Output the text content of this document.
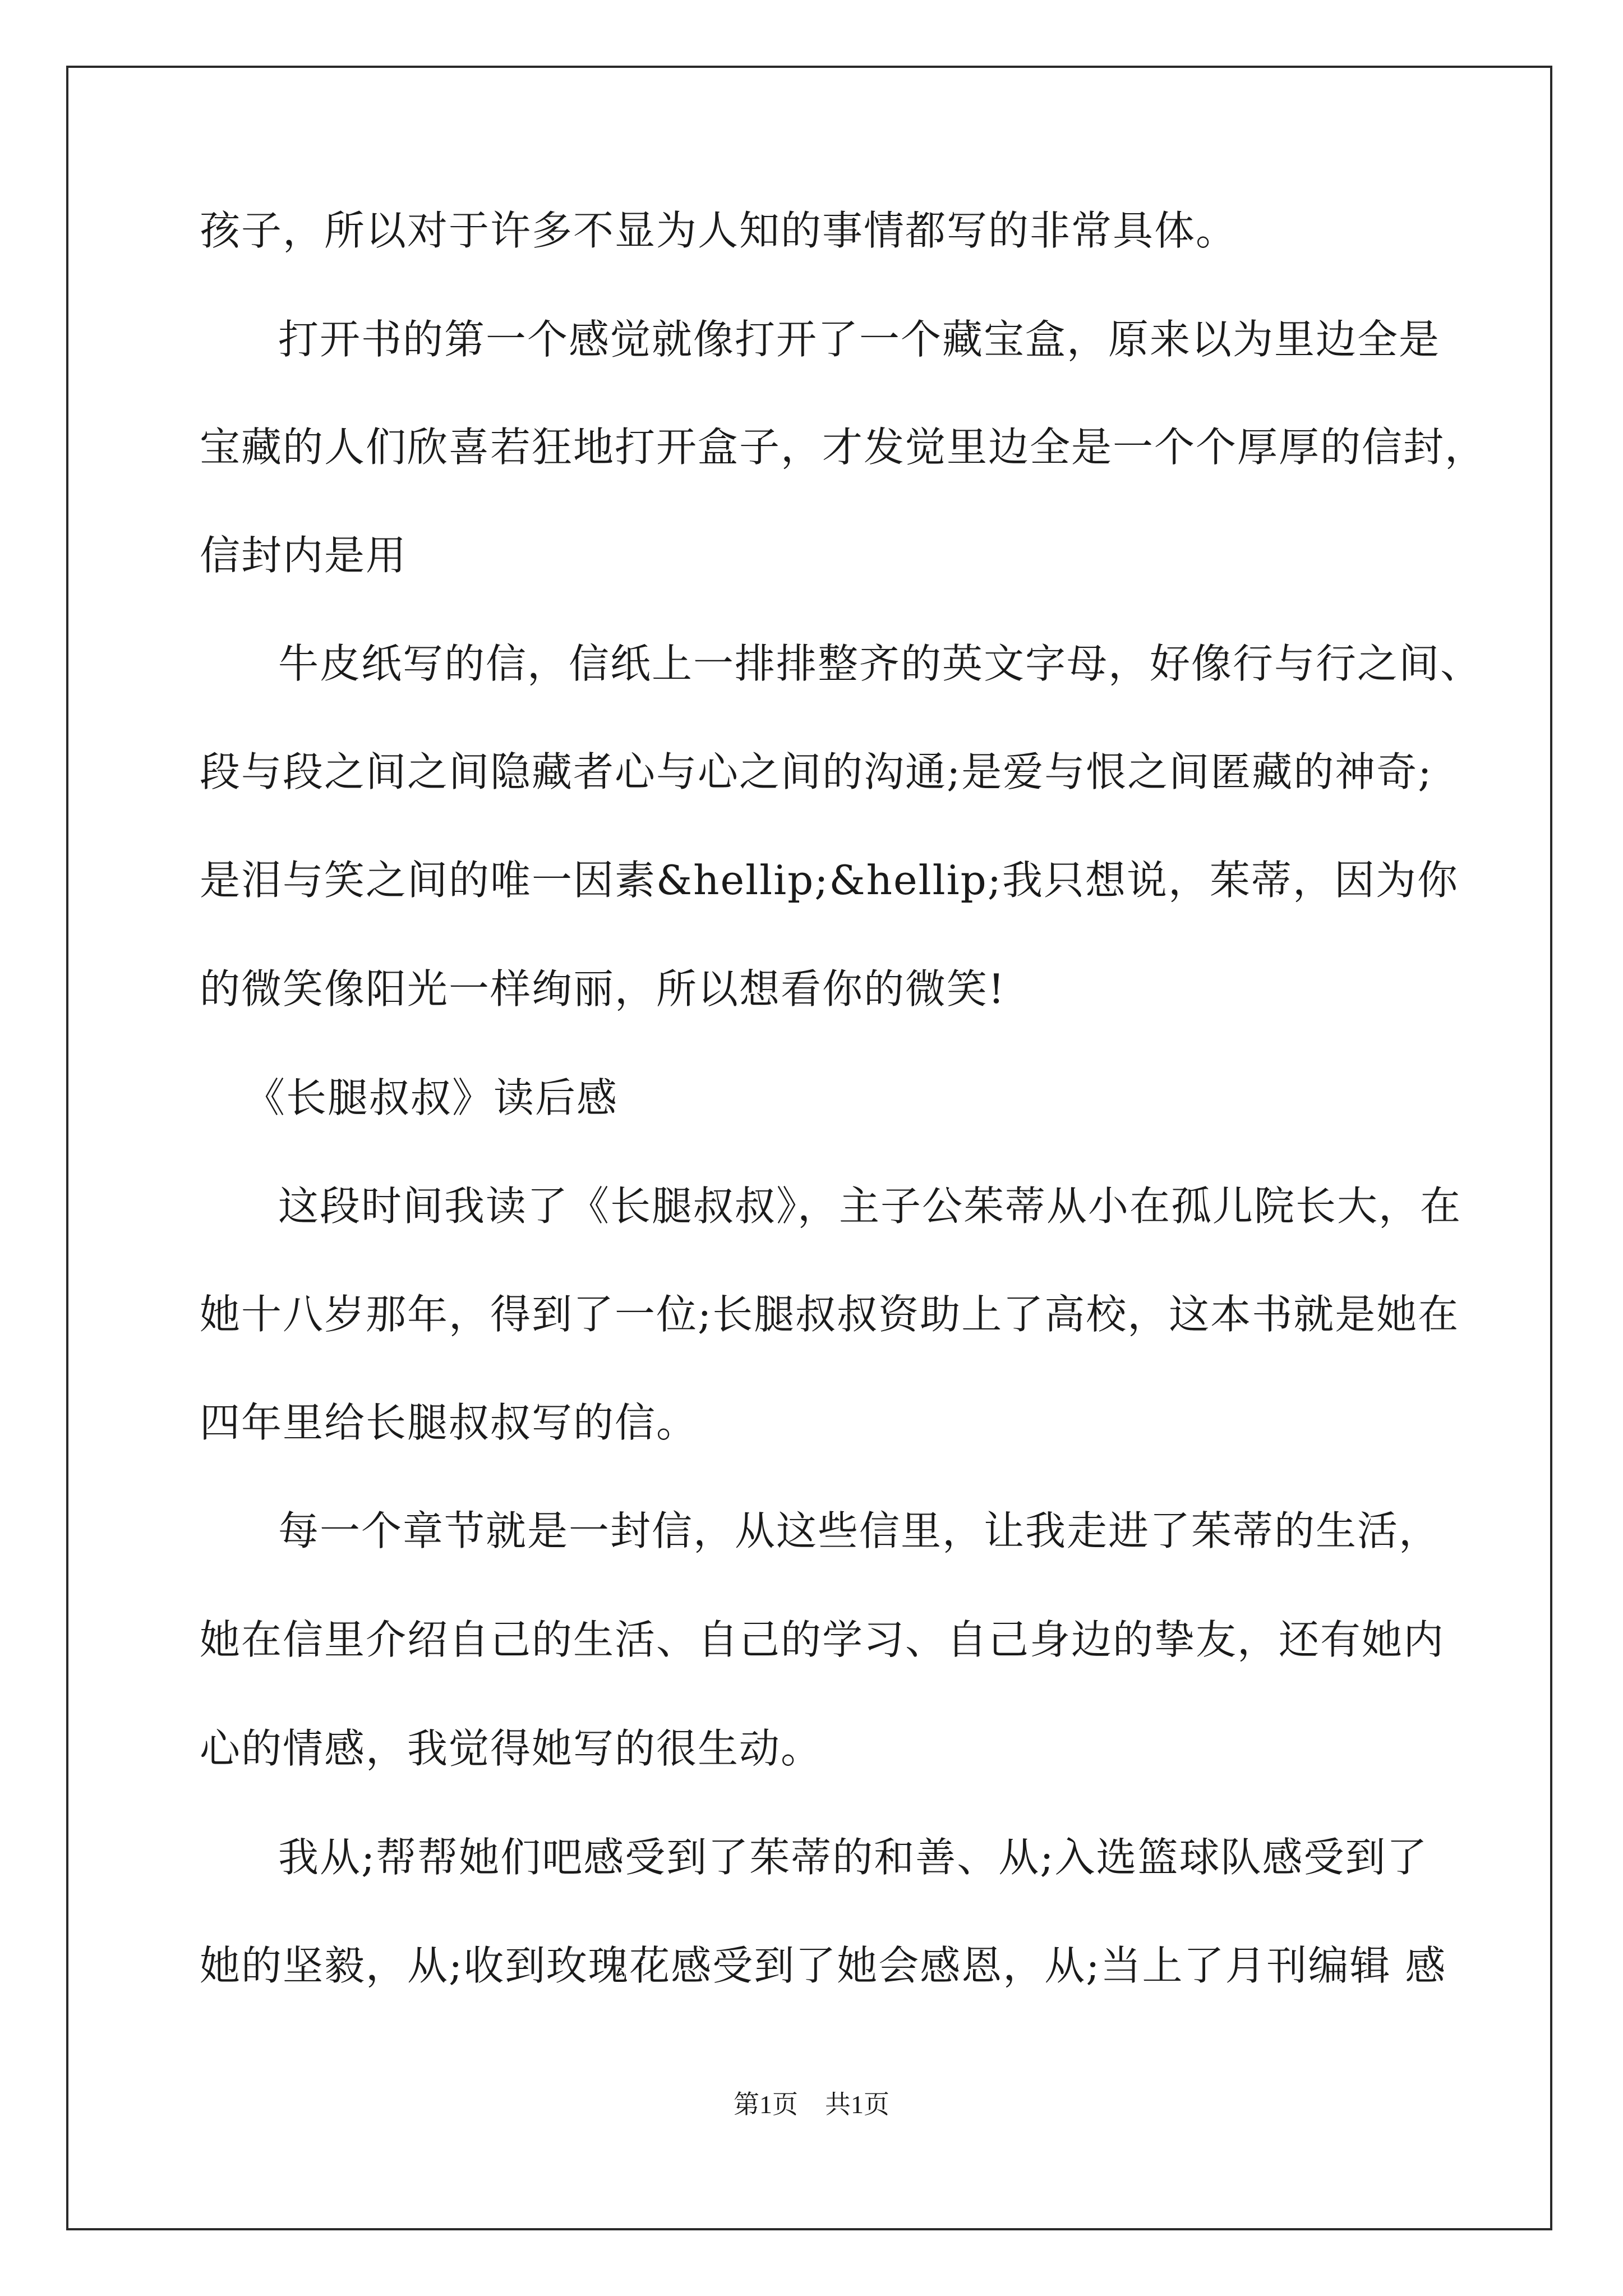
孩子，所以对于许多不显为人知的事情都写的非常具体。
打开书的第一个感觉就像打开了一个藏宝盒，原来以为里边全是
宝藏的人们欣喜若狂地打开盒子，才发觉里边全是一个个厚厚的信封，
信封内是用
牛皮纸写的信，信纸上一排排整齐的英文字母，好像行与行之间、
段与段之间之间隐藏者心与心之间的沟通;是爱与恨之间匿藏的神奇;
是泪与笑之间的唯一因素&hellip;&hellip;我只想说，茱蒂，因为你
的微笑像阳光一样绚丽，所以想看你的微笑!
《长腿叔叔》读后感
这段时间我读了《长腿叔叔》，主子公茱蒂从小在孤儿院长大，在
她十八岁那年，得到了一位;长腿叔叔资助上了高校，这本书就是她在
四年里给长腿叔叔写的信。
每一个章节就是一封信，从这些信里，让我走进了茱蒂的生活，
她在信里介绍自己的生活、自己的学习、自己身边的挚友，还有她内
心的情感，我觉得她写的很生动。
我从;帮帮她们吧感受到了茱蒂的和善、从;入选篮球队感受到了
她的坚毅，从;收到玫瑰花感受到了她会感恩，从;当上了月刊编辑 感
第1页 共1页
